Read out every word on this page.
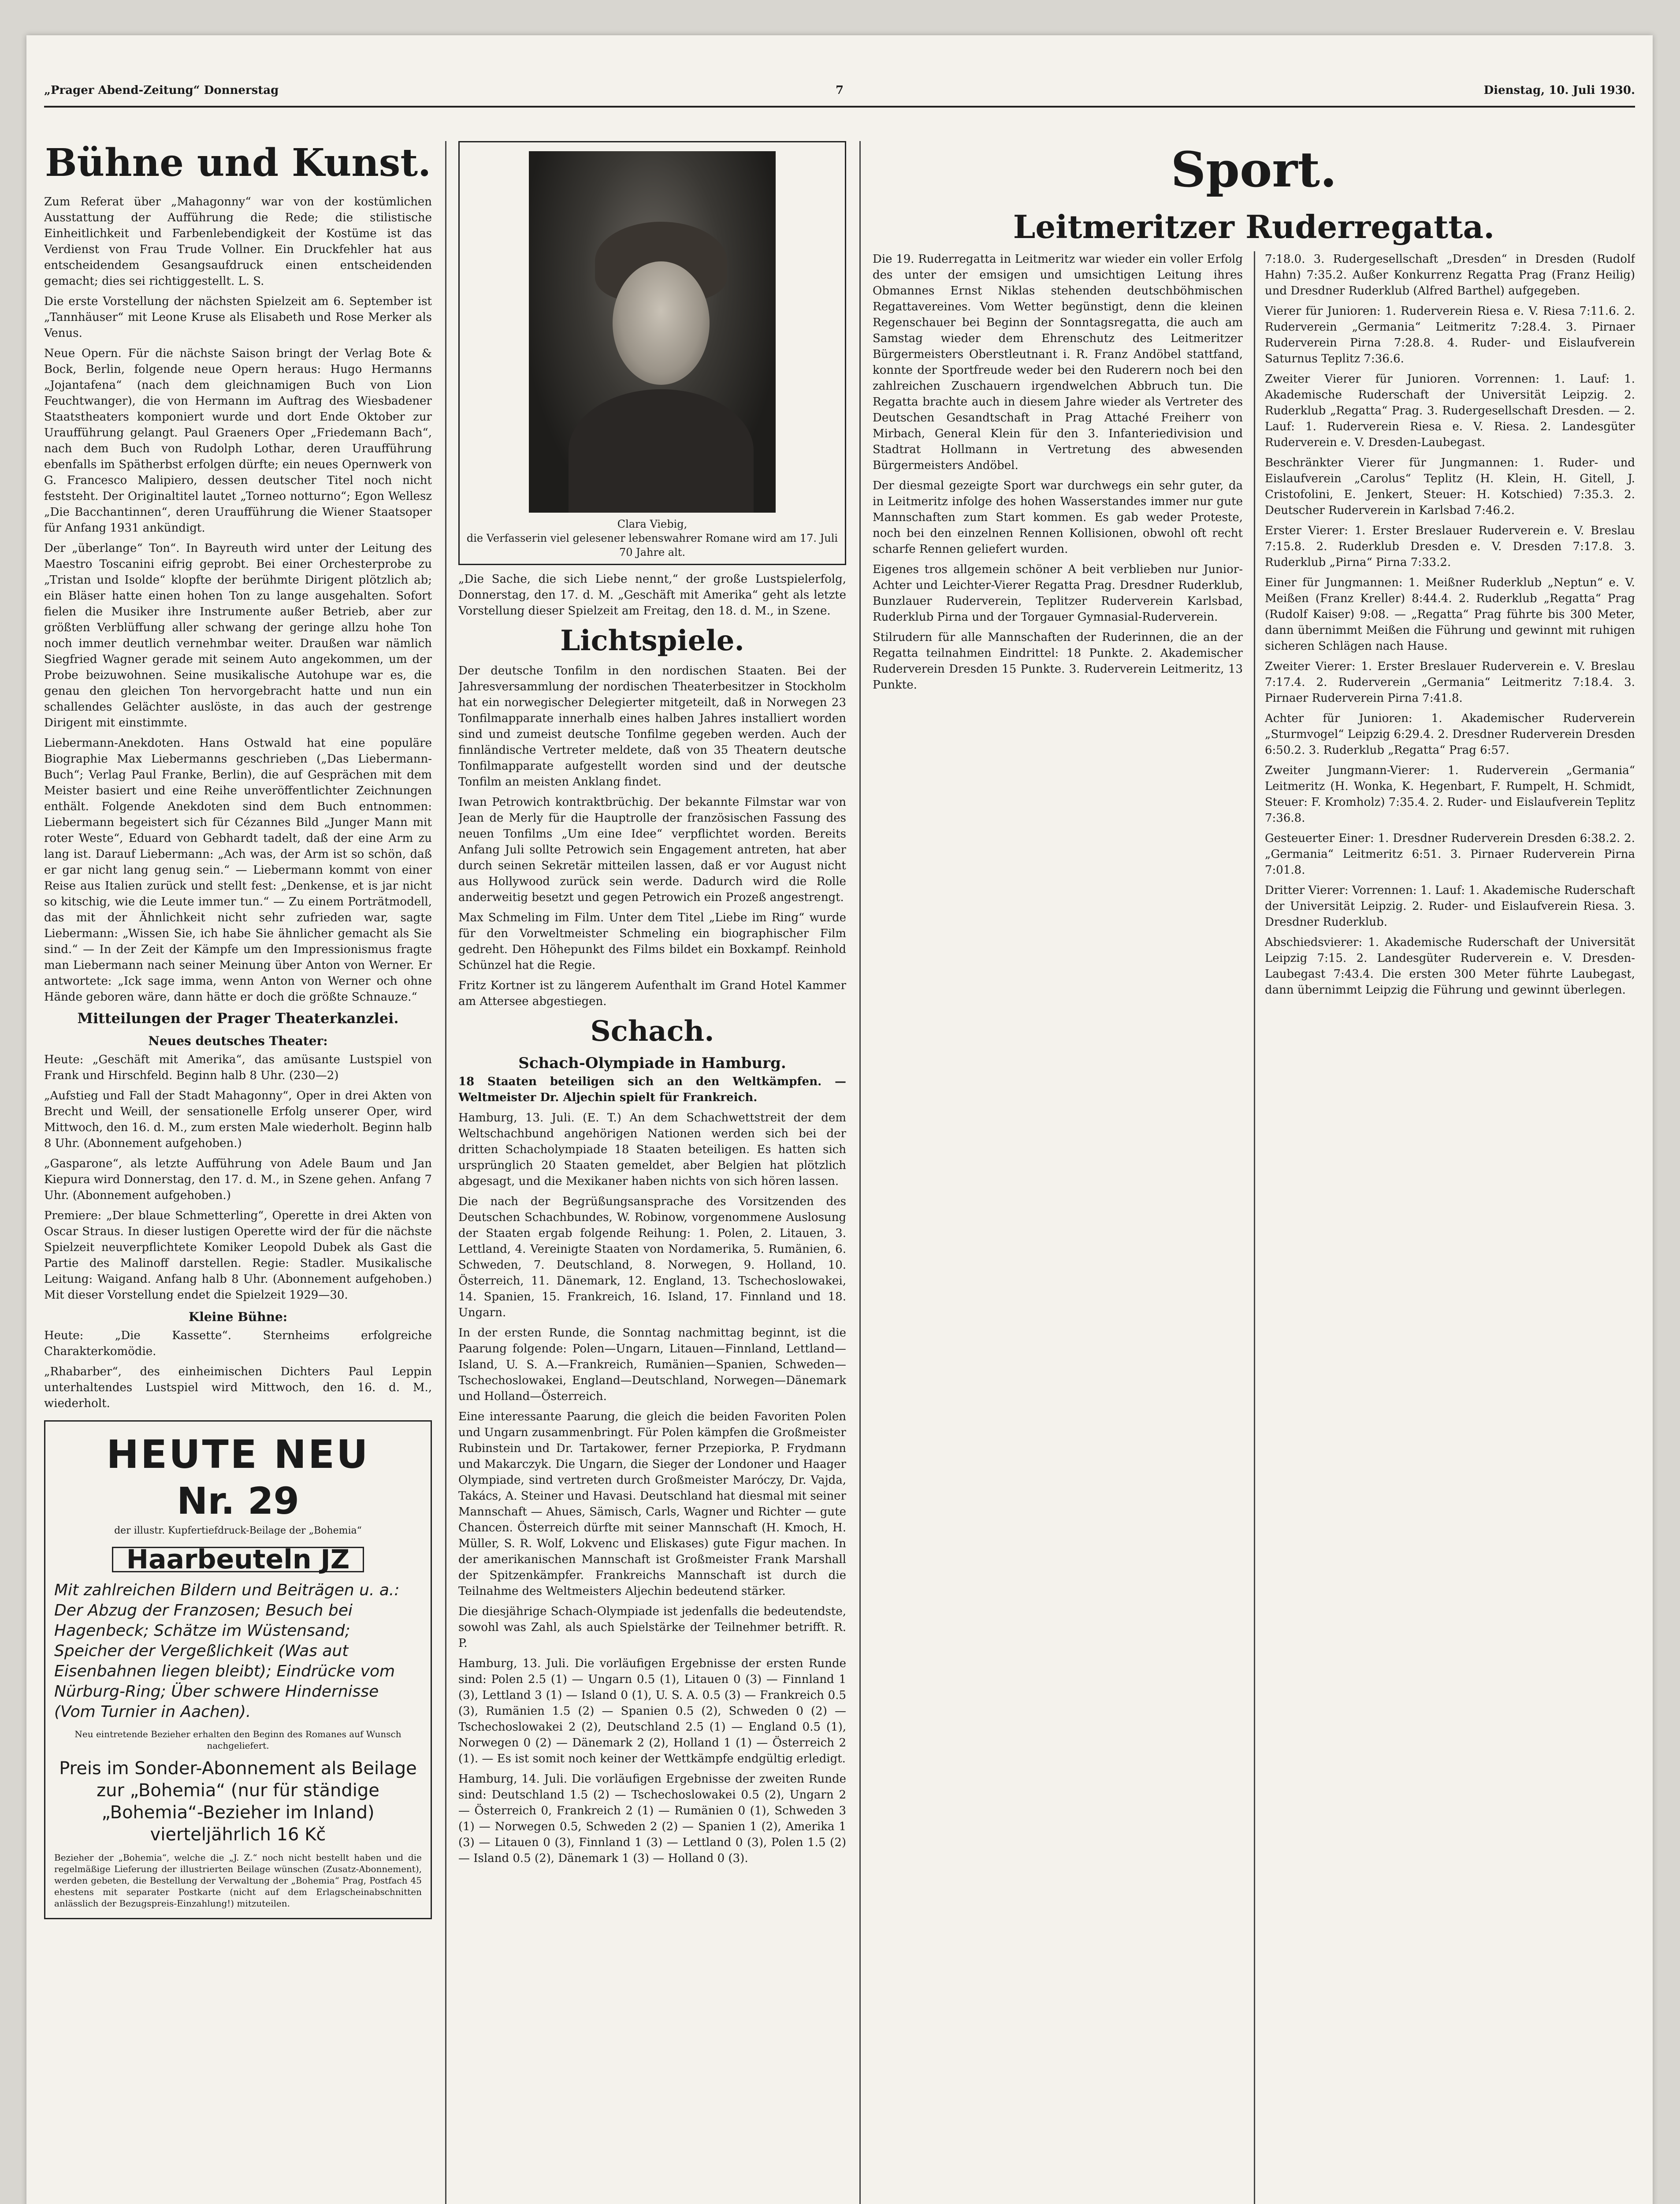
„Prager Abend-Zeitung“ Donnerstag	7	Dienstag, 10. Juli 1930.
Bühne und Kunst.

Zum Referat über „Mahagonny“ war von der kostümlichen Ausstattung der Aufführung die Rede; die stilistische Einheitlichkeit und Farbenlebendigkeit der Kostüme ist das Verdienst von Frau Trude Vollner. Ein Druckfehler hat aus entscheidendem Gesangsaufdruck einen entscheidenden gemacht; dies sei richtiggestellt. L. S.

Die erste Vorstellung der nächsten Spielzeit am 6. September ist „Tannhäuser“ mit Leone Kruse als Elisabeth und Rose Merker als Venus.

Neue Opern. Für die nächste Saison bringt der Verlag Bote & Bock, Berlin, folgende neue Opern heraus: Hugo Hermanns „Jojantafena“ (nach dem gleichnamigen Buch von Lion Feuchtwanger), die von Hermann im Auftrag des Wiesbadener Staatstheaters komponiert wurde und dort Ende Oktober zur Uraufführung gelangt. Paul Graeners Oper „Friedemann Bach“, nach dem Buch von Rudolph Lothar, deren Uraufführung ebenfalls im Spätherbst erfolgen dürfte; ein neues Opernwerk von G. Francesco Malipiero, dessen deutscher Titel noch nicht feststeht. Der Originaltitel lautet „Torneo notturno“; Egon Wellesz „Die Bacchantinnen“, deren Uraufführung die Wiener Staatsoper für Anfang 1931 ankündigt.

Der „überlange“ Ton“. In Bayreuth wird unter der Leitung des Maestro Toscanini eifrig geprobt. Bei einer Orchesterprobe zu „Tristan und Isolde“ klopfte der berühmte Dirigent plötzlich ab; ein Bläser hatte einen hohen Ton zu lange ausgehalten. Sofort fielen die Musiker ihre Instrumente außer Betrieb, aber zur größten Verblüffung aller schwang der geringe allzu hohe Ton noch immer deutlich vernehmbar weiter. Draußen war nämlich Siegfried Wagner gerade mit seinem Auto angekommen, um der Probe beizuwohnen. Seine musikalische Autohupe war es, die genau den gleichen Ton hervorgebracht hatte und nun ein schallendes Gelächter auslöste, in das auch der gestrenge Dirigent mit einstimmte.

Liebermann-Anekdoten. Hans Ostwald hat eine populäre Biographie Max Liebermanns geschrieben („Das Liebermann-Buch“; Verlag Paul Franke, Berlin), die auf Gesprächen mit dem Meister basiert und eine Reihe unveröffentlichter Zeichnungen enthält. Folgende Anekdoten sind dem Buch entnommen: Liebermann begeistert sich für Cézannes Bild „Junger Mann mit roter Weste“, Eduard von Gebhardt tadelt, daß der eine Arm zu lang ist. Darauf Liebermann: „Ach was, der Arm ist so schön, daß er gar nicht lang genug sein.“ — Liebermann kommt von einer Reise aus Italien zurück und stellt fest: „Denkense, et is jar nicht so kitschig, wie die Leute immer tun.“ — Zu einem Porträtmodell, das mit der Ähnlichkeit nicht sehr zufrieden war, sagte Liebermann: „Wissen Sie, ich habe Sie ähnlicher gemacht als Sie sind.“ — In der Zeit der Kämpfe um den Impressionismus fragte man Liebermann nach seiner Meinung über Anton von Werner. Er antwortete: „Ick sage imma, wenn Anton von Werner och ohne Hände geboren wäre, dann hätte er doch die größte Schnauze.“

Mitteilungen der Prager Theaterkanzlei.
Neues deutsches Theater:

Heute: „Geschäft mit Amerika“, das amüsante Lustspiel von Frank und Hirschfeld. Beginn halb 8 Uhr. (230—2)

„Aufstieg und Fall der Stadt Mahagonny“, Oper in drei Akten von Brecht und Weill, der sensationelle Erfolg unserer Oper, wird Mittwoch, den 16. d. M., zum ersten Male wiederholt. Beginn halb 8 Uhr. (Abonnement aufgehoben.)

„Gasparone“, als letzte Aufführung von Adele Baum und Jan Kiepura wird Donnerstag, den 17. d. M., in Szene gehen. Anfang 7 Uhr. (Abonnement aufgehoben.)

Premiere: „Der blaue Schmetterling“, Operette in drei Akten von Oscar Straus. In dieser lustigen Operette wird der für die nächste Spielzeit neuverpflichtete Komiker Leopold Dubek als Gast die Partie des Malinoff darstellen. Regie: Stadler. Musikalische Leitung: Waigand. Anfang halb 8 Uhr. (Abonnement aufgehoben.) Mit dieser Vorstellung endet die Spielzeit 1929—30.

Kleine Bühne:

Heute: „Die Kassette“. Sternheims erfolgreiche Charakterkomödie.

„Rhabarber“, des einheimischen Dichters Paul Leppin unterhaltendes Lustspiel wird Mittwoch, den 16. d. M., wiederholt.

HEUTE NEU
Nr. 29
der illustr. Kupfertiefdruck-Beilage der „Bohemia“
Haarbeuteln JZ
Mit zahlreichen Bildern und Beiträgen u. a.: Der Abzug der Franzosen; Besuch bei Hagenbeck; Schätze im Wüstensand; Speicher der Vergeßlichkeit (Was aut Eisenbahnen liegen bleibt); Eindrücke vom Nürburg-Ring; Über schwere Hindernisse (Vom Turnier in Aachen).
Neu eintretende Bezieher erhalten den Beginn des Romanes auf Wunsch nachgeliefert.
Preis im Sonder-Abonnement als Beilage zur „Bohemia“ (nur für ständige „Bohemia“-Bezieher im Inland) vierteljährlich 16 Kč
Bezieher der „Bohemia“, welche die „J. Z.“ noch nicht bestellt haben und die regelmäßige Lieferung der illustrierten Beilage wünschen (Zusatz-Abonnement), werden gebeten, die Bestellung der Verwaltung der „Bohemia“ Prag, Postfach 45 ehestens mit separater Postkarte (nicht auf dem Erlagscheinabschnitten anlässlich der Bezugspreis-Einzahlung!) mitzuteilen.
Clara Viebig,
die Verfasserin viel gelesener lebenswahrer Romane wird am 17. Juli 70 Jahre alt.

„Die Sache, die sich Liebe nennt,“ der große Lustspielerfolg, Donnerstag, den 17. d. M. „Geschäft mit Amerika“ geht als letzte Vorstellung dieser Spielzeit am Freitag, den 18. d. M., in Szene.

Lichtspiele.

Der deutsche Tonfilm in den nordischen Staaten. Bei der Jahresversammlung der nordischen Theaterbesitzer in Stockholm hat ein norwegischer Delegierter mitgeteilt, daß in Norwegen 23 Tonfilmapparate innerhalb eines halben Jahres installiert worden sind und zumeist deutsche Tonfilme gegeben werden. Auch der finnländische Vertreter meldete, daß von 35 Theatern deutsche Tonfilmapparate aufgestellt worden sind und der deutsche Tonfilm an meisten Anklang findet.

Iwan Petrowich kontraktbrüchig. Der bekannte Filmstar war von Jean de Merly für die Hauptrolle der französischen Fassung des neuen Tonfilms „Um eine Idee“ verpflichtet worden. Bereits Anfang Juli sollte Petrowich sein Engagement antreten, hat aber durch seinen Sekretär mitteilen lassen, daß er vor August nicht aus Hollywood zurück sein werde. Dadurch wird die Rolle anderweitig besetzt und gegen Petrowich ein Prozeß angestrengt.

Max Schmeling im Film. Unter dem Titel „Liebe im Ring“ wurde für den Vorweltmeister Schmeling ein biographischer Film gedreht. Den Höhepunkt des Films bildet ein Boxkampf. Reinhold Schünzel hat die Regie.

Fritz Kortner ist zu längerem Aufenthalt im Grand Hotel Kammer am Attersee abgestiegen.

Schach.
Schach-Olympiade in Hamburg.

18 Staaten beteiligen sich an den Weltkämpfen. — Weltmeister Dr. Aljechin spielt für Frankreich.

Hamburg, 13. Juli. (E. T.) An dem Schachwettstreit der dem Weltschachbund angehörigen Nationen werden sich bei der dritten Schacholympiade 18 Staaten beteiligen. Es hatten sich ursprünglich 20 Staaten gemeldet, aber Belgien hat plötzlich abgesagt, und die Mexikaner haben nichts von sich hören lassen.

Die nach der Begrüßungsansprache des Vorsitzenden des Deutschen Schachbundes, W. Robinow, vorgenommene Auslosung der Staaten ergab folgende Reihung: 1. Polen, 2. Litauen, 3. Lettland, 4. Vereinigte Staaten von Nordamerika, 5. Rumänien, 6. Schweden, 7. Deutschland, 8. Norwegen, 9. Holland, 10. Österreich, 11. Dänemark, 12. England, 13. Tschechoslowakei, 14. Spanien, 15. Frankreich, 16. Island, 17. Finnland und 18. Ungarn.

In der ersten Runde, die Sonntag nachmittag beginnt, ist die Paarung folgende: Polen—Ungarn, Litauen—Finnland, Lettland—Island, U. S. A.—Frankreich, Rumänien—Spanien, Schweden—Tschechoslowakei, England—Deutschland, Norwegen—Dänemark und Holland—Österreich.

Eine interessante Paarung, die gleich die beiden Favoriten Polen und Ungarn zusammenbringt. Für Polen kämpfen die Großmeister Rubinstein und Dr. Tartakower, ferner Przepiorka, P. Frydmann und Makarczyk. Die Ungarn, die Sieger der Londoner und Haager Olympiade, sind vertreten durch Großmeister Maróczy, Dr. Vajda, Takács, A. Steiner und Havasi. Deutschland hat diesmal mit seiner Mannschaft — Ahues, Sämisch, Carls, Wagner und Richter — gute Chancen. Österreich dürfte mit seiner Mannschaft (H. Kmoch, H. Müller, S. R. Wolf, Lokvenc und Eliskases) gute Figur machen. In der amerikanischen Mannschaft ist Großmeister Frank Marshall der Spitzenkämpfer. Frankreichs Mannschaft ist durch die Teilnahme des Weltmeisters Aljechin bedeutend stärker.

Die diesjährige Schach-Olympiade ist jedenfalls die bedeutendste, sowohl was Zahl, als auch Spielstärke der Teilnehmer betrifft. R. P.

Hamburg, 13. Juli. Die vorläufigen Ergebnisse der ersten Runde sind: Polen 2.5 (1) — Ungarn 0.5 (1), Litauen 0 (3) — Finnland 1 (3), Lettland 3 (1) — Island 0 (1), U. S. A. 0.5 (3) — Frankreich 0.5 (3), Rumänien 1.5 (2) — Spanien 0.5 (2), Schweden 0 (2) — Tschechoslowakei 2 (2), Deutschland 2.5 (1) — England 0.5 (1), Norwegen 0 (2) — Dänemark 2 (2), Holland 1 (1) — Österreich 2 (1). — Es ist somit noch keiner der Wettkämpfe endgültig erledigt.

Hamburg, 14. Juli. Die vorläufigen Ergebnisse der zweiten Runde sind: Deutschland 1.5 (2) — Tschechoslowakei 0.5 (2), Ungarn 2 — Österreich 0, Frankreich 2 (1) — Rumänien 0 (1), Schweden 3 (1) — Norwegen 0.5, Schweden 2 (2) — Spanien 1 (2), Amerika 1 (3) — Litauen 0 (3), Finnland 1 (3) — Lettland 0 (3), Polen 1.5 (2) — Island 0.5 (2), Dänemark 1 (3) — Holland 0 (3).

Sport.
Leitmeritzer Ruderregatta.

Die 19. Ruderregatta in Leitmeritz war wieder ein voller Erfolg des unter der emsigen und umsichtigen Leitung ihres Obmannes Ernst Niklas stehenden deutschböhmischen Regattavereines. Vom Wetter begünstigt, denn die kleinen Regenschauer bei Beginn der Sonntagsregatta, die auch am Samstag wieder dem Ehrenschutz des Leitmeritzer Bürgermeisters Oberstleutnant i. R. Franz Andöbel stattfand, konnte der Sportfreude weder bei den Ruderern noch bei den zahlreichen Zuschauern irgendwelchen Abbruch tun. Die Regatta brachte auch in diesem Jahre wieder als Vertreter des Deutschen Gesandtschaft in Prag Attaché Freiherr von Mirbach, General Klein für den 3. Infanteriedivision und Stadtrat Hollmann in Vertretung des abwesenden Bürgermeisters Andöbel.

Der diesmal gezeigte Sport war durchwegs ein sehr guter, da in Leitmeritz infolge des hohen Wasserstandes immer nur gute Mannschaften zum Start kommen. Es gab weder Proteste, noch bei den einzelnen Rennen Kollisionen, obwohl oft recht scharfe Rennen geliefert wurden.

Eigenes tros allgemein schöner A beit verblieben nur Junior-Achter und Leichter-Vierer Regatta Prag. Dresdner Ruderklub, Bunzlauer Ruderverein, Teplitzer Ruderverein Karlsbad, Ruderklub Pirna und der Torgauer Gymnasial-Ruderverein.

Stilrudern für alle Mannschaften der Ruderinnen, die an der Regatta teilnahmen Eindrittel: 18 Punkte. 2. Akademischer Ruderverein Dresden 15 Punkte. 3. Ruderverein Leitmeritz, 13 Punkte.

7:18.0. 3. Rudergesellschaft „Dresden“ in Dresden (Rudolf Hahn) 7:35.2. Außer Konkurrenz Regatta Prag (Franz Heilig) und Dresdner Ruderklub (Alfred Barthel) aufgegeben.

Vierer für Junioren: 1. Ruderverein Riesa e. V. Riesa 7:11.6. 2. Ruderverein „Germania“ Leitmeritz 7:28.4. 3. Pirnaer Ruderverein Pirna 7:28.8. 4. Ruder- und Eislaufverein Saturnus Teplitz 7:36.6.

Zweiter Vierer für Junioren. Vorrennen: 1. Lauf: 1. Akademische Ruderschaft der Universität Leipzig. 2. Ruderklub „Regatta“ Prag. 3. Rudergesellschaft Dresden. — 2. Lauf: 1. Ruderverein Riesa e. V. Riesa. 2. Landesgüter Ruderverein e. V. Dresden-Laubegast.

Beschränkter Vierer für Jungmannen: 1. Ruder- und Eislaufverein „Carolus“ Teplitz (H. Klein, H. Gitell, J. Cristofolini, E. Jenkert, Steuer: H. Kotschied) 7:35.3. 2. Deutscher Ruderverein in Karlsbad 7:46.2.

Erster Vierer: 1. Erster Breslauer Ruderverein e. V. Breslau 7:15.8. 2. Ruderklub Dresden e. V. Dresden 7:17.8. 3. Ruderklub „Pirna“ Pirna 7:33.2.

Einer für Jungmannen: 1. Meißner Ruderklub „Neptun“ e. V. Meißen (Franz Kreller) 8:44.4. 2. Ruderklub „Regatta“ Prag (Rudolf Kaiser) 9:08. — „Regatta“ Prag führte bis 300 Meter, dann übernimmt Meißen die Führung und gewinnt mit ruhigen sicheren Schlägen nach Hause.

Zweiter Vierer: 1. Erster Breslauer Ruderverein e. V. Breslau 7:17.4. 2. Ruderverein „Germania“ Leitmeritz 7:18.4. 3. Pirnaer Ruderverein Pirna 7:41.8.

Achter für Junioren: 1. Akademischer Ruderverein „Sturmvogel“ Leipzig 6:29.4. 2. Dresdner Ruderverein Dresden 6:50.2. 3. Ruderklub „Regatta“ Prag 6:57.

Zweiter Jungmann-Vierer: 1. Ruderverein „Germania“ Leitmeritz (H. Wonka, K. Hegenbart, F. Rumpelt, H. Schmidt, Steuer: F. Kromholz) 7:35.4. 2. Ruder- und Eislaufverein Teplitz 7:36.8.

Gesteuerter Einer: 1. Dresdner Ruderverein Dresden 6:38.2. 2. „Germania“ Leitmeritz 6:51. 3. Pirnaer Ruderverein Pirna 7:01.8.

Dritter Vierer: Vorrennen: 1. Lauf: 1. Akademische Ruderschaft der Universität Leipzig. 2. Ruder- und Eislaufverein Riesa. 3. Dresdner Ruderklub.

Abschiedsvierer: 1. Akademische Ruderschaft der Universität Leipzig 7:15. 2. Landesgüter Ruderverein e. V. Dresden-Laubegast 7:43.4. Die ersten 300 Meter führte Laubegast, dann übernimmt Leipzig die Führung und gewinnt überlegen.
